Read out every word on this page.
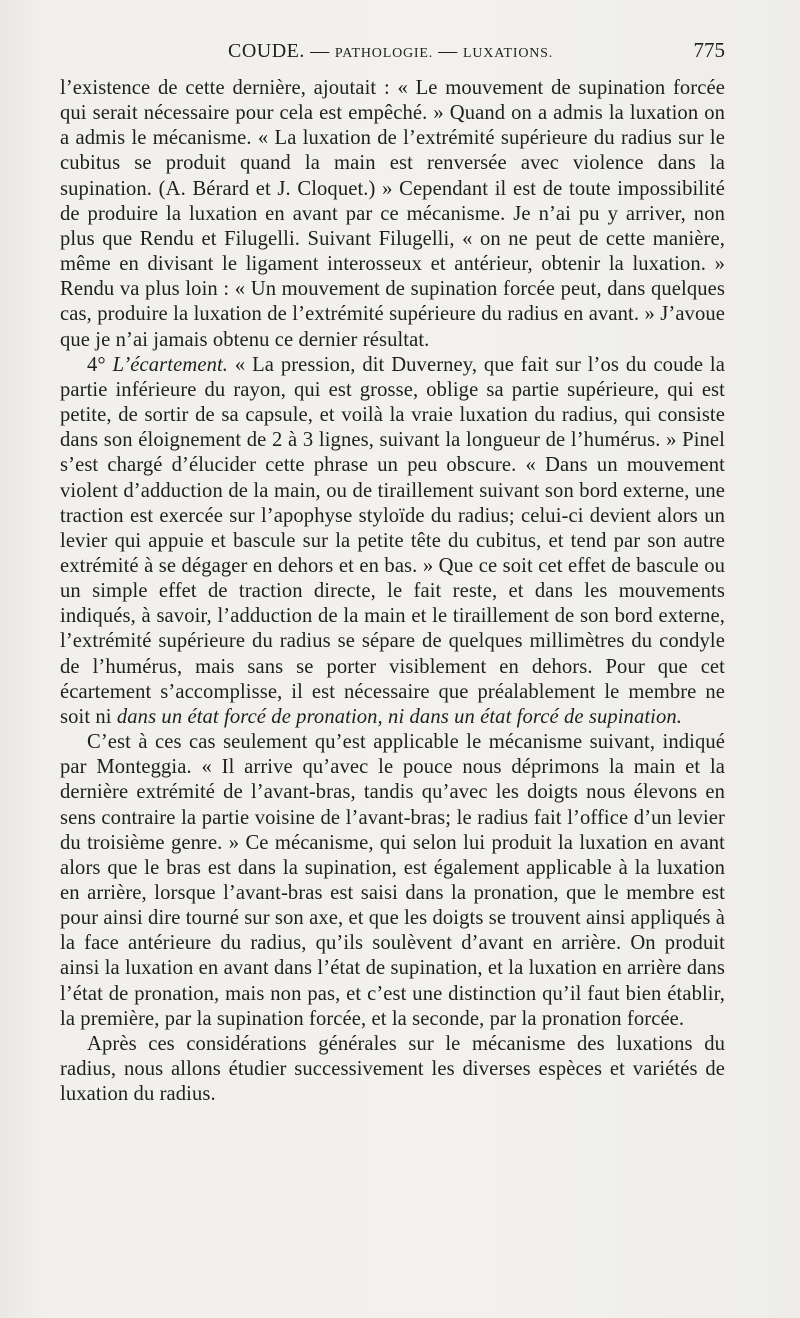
COUDE. — PATHOLOGIE. — LUXATIONS.	775

l’existence de cette dernière, ajoutait : « Le mouvement de supination forcée qui serait nécessaire pour cela est empêché. » Quand on a admis la luxation on a admis le mécanisme. « La luxation de l’extrémité supérieure du radius sur le cubitus se produit quand la main est renversée avec violence dans la supination. (A. Bérard et J. Cloquet.) » Cependant il est de toute impossibilité de produire la luxation en avant par ce mécanisme. Je n’ai pu y arriver, non plus que Rendu et Filugelli. Suivant Filugelli, « on ne peut de cette manière, même en divisant le ligament interosseux et antérieur, obtenir la luxation. » Rendu va plus loin : « Un mouvement de supination forcée peut, dans quelques cas, produire la luxation de l’extrémité supérieure du radius en avant. » J’avoue que je n’ai jamais obtenu ce dernier résultat.

4° L’écartement. « La pression, dit Duverney, que fait sur l’os du coude la partie inférieure du rayon, qui est grosse, oblige sa partie supérieure, qui est petite, de sortir de sa capsule, et voilà la vraie luxation du radius, qui consiste dans son éloignement de 2 à 3 lignes, suivant la longueur de l’humérus. » Pinel s’est chargé d’élucider cette phrase un peu obscure. « Dans un mouvement violent d’adduction de la main, ou de tiraillement suivant son bord externe, une traction est exercée sur l’apophyse styloïde du radius; celui-ci devient alors un levier qui appuie et bascule sur la petite tête du cubitus, et tend par son autre extrémité à se dégager en dehors et en bas. » Que ce soit cet effet de bascule ou un simple effet de traction directe, le fait reste, et dans les mouvements indiqués, à savoir, l’adduction de la main et le tiraillement de son bord externe, l’extrémité supérieure du radius se sépare de quelques millimètres du condyle de l’humérus, mais sans se porter visiblement en dehors. Pour que cet écartement s’accomplisse, il est nécessaire que préalablement le membre ne soit ni dans un état forcé de pronation, ni dans un état forcé de supination.

C’est à ces cas seulement qu’est applicable le mécanisme suivant, indiqué par Monteggia. « Il arrive qu’avec le pouce nous déprimons la main et la dernière extrémité de l’avant-bras, tandis qu’avec les doigts nous élevons en sens contraire la partie voisine de l’avant-bras; le radius fait l’office d’un levier du troisième genre. » Ce mécanisme, qui selon lui produit la luxation en avant alors que le bras est dans la supination, est également applicable à la luxation en arrière, lorsque l’avant-bras est saisi dans la pronation, que le membre est pour ainsi dire tourné sur son axe, et que les doigts se trouvent ainsi appliqués à la face antérieure du radius, qu’ils soulèvent d’avant en arrière. On produit ainsi la luxation en avant dans l’état de supination, et la luxation en arrière dans l’état de pronation, mais non pas, et c’est une distinction qu’il faut bien établir, la première, par la supination forcée, et la seconde, par la pronation forcée.

Après ces considérations générales sur le mécanisme des luxations du radius, nous allons étudier successivement les diverses espèces et variétés de luxation du radius.
